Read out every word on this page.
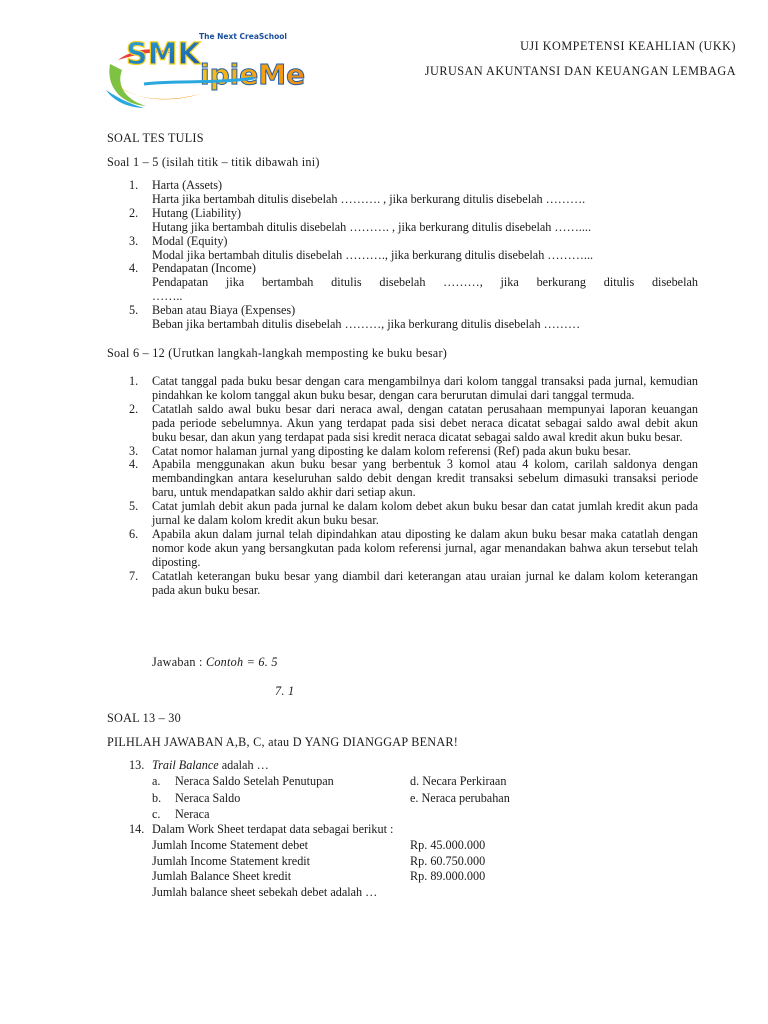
SMK
ipieMe
The Next CreaSchool
UJI KOMPETENSI KEAHLIAN (UKK)
JURUSAN AKUNTANSI DAN KEUANGAN LEMBAGA
SOAL TES TULIS
Soal 1 – 5 (isilah titik – titik dibawah ini)
1. Harta (Assets)
Harta jika bertambah ditulis disebelah ………. , jika berkurang ditulis disebelah ……….
2. Hutang (Liability)
Hutang jika bertambah ditulis disebelah ………. , jika berkurang ditulis disebelah ……....
3. Modal (Equity)
Modal jika bertambah ditulis disebelah ………., jika berkurang ditulis disebelah ………...
4. Pendapatan (Income)
Pendapatan jika bertambah ditulis disebelah ………, jika berkurang ditulis disebelah
……..
5. Beban atau Biaya (Expenses)
Beban jika bertambah ditulis disebelah ………, jika berkurang ditulis disebelah ………
Soal 6 – 12 (Urutkan langkah-langkah memposting ke buku besar)
1. Catat tanggal pada buku besar dengan cara mengambilnya dari kolom tanggal transaksi pada jurnal, kemudian pindahkan ke kolom tanggal akun buku besar, dengan cara berurutan dimulai dari tanggal termuda.
2. Catatlah saldo awal buku besar dari neraca awal, dengan catatan perusahaan mempunyai laporan keuangan pada periode sebelumnya. Akun yang terdapat pada sisi debet neraca dicatat sebagai saldo awal debit akun buku besar, dan akun yang terdapat pada sisi kredit neraca dicatat sebagai saldo awal kredit akun buku besar.
3. Catat nomor halaman jurnal yang diposting ke dalam kolom referensi (Ref) pada akun buku besar.
4. Apabila menggunakan akun buku besar yang berbentuk 3 komol atau 4 kolom, carilah saldonya dengan membandingkan antara keseluruhan saldo debit dengan kredit transaksi sebelum dimasuki transaksi periode baru, untuk mendapatkan saldo akhir dari setiap akun.
5. Catat jumlah debit akun pada jurnal ke dalam kolom debet akun buku besar dan catat jumlah kredit akun pada jurnal ke dalam kolom kredit akun buku besar.
6. Apabila akun dalam jurnal telah dipindahkan atau diposting ke dalam akun buku besar maka catatlah dengan nomor kode akun yang bersangkutan pada kolom referensi jurnal, agar menandakan bahwa akun tersebut telah diposting.
7. Catatlah keterangan buku besar yang diambil dari keterangan atau uraian jurnal ke dalam kolom keterangan pada akun buku besar.
Jawaban : Contoh = 6. 5
7. 1
SOAL 13 – 30
PILHLAH JAWABAN A,B, C, atau D YANG DIANGGAP BENAR!
13. Trail Balance adalah …
a. Neraca Saldo Setelah Penutupan	d. Necara Perkiraan
b. Neraca Saldo	e. Neraca perubahan
c. Neraca
14. Dalam Work Sheet terdapat data sebagai berikut :
Jumlah Income Statement debet	Rp. 45.000.000
Jumlah Income Statement kredit	Rp. 60.750.000
Jumlah Balance Sheet kredit	Rp. 89.000.000
Jumlah balance sheet sebekah debet adalah …
